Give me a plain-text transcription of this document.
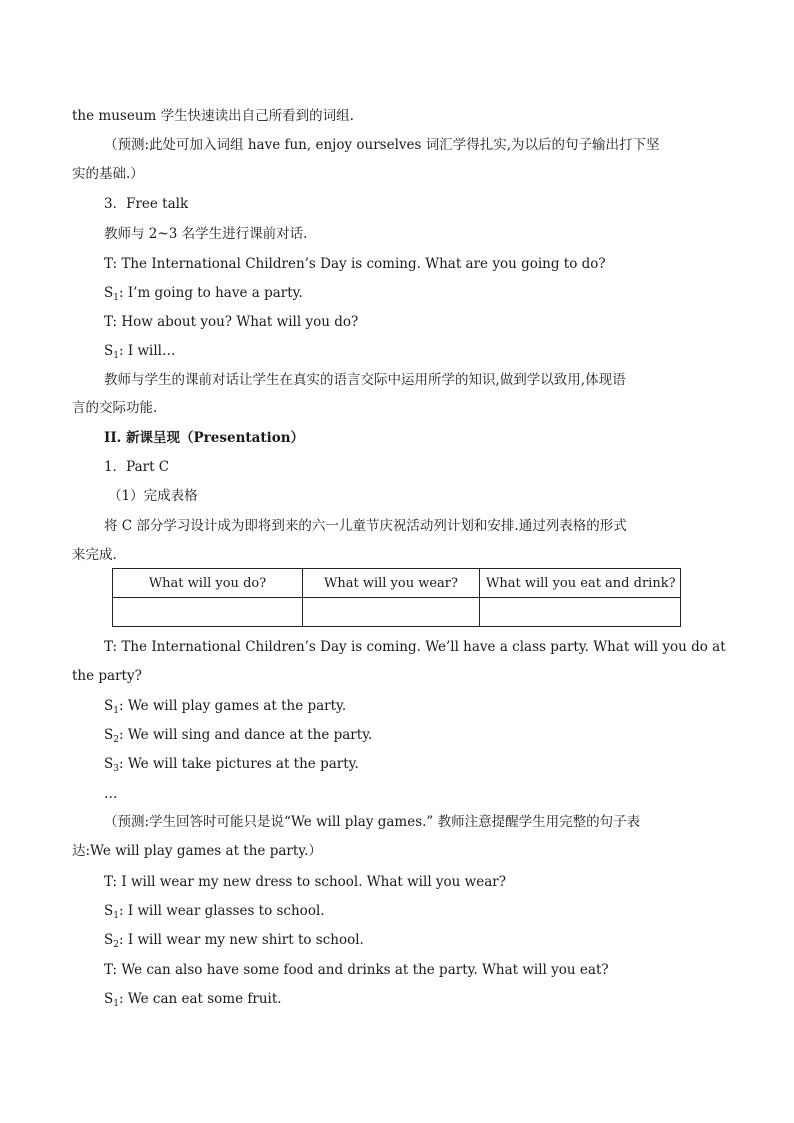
the museum 学生快速读出自己所看到的词组.
（预测:此处可加入词组 have fun, enjoy ourselves 词汇学得扎实,为以后的句子输出打下坚
实的基础.）
3．Free talk
教师与 2~3 名学生进行课前对话.
T: The International Children’s Day is coming. What are you going to do?
$S_1$: I’m going to have a party.
T: How about you? What will you do?
$S_1$: I will…
教师与学生的课前对话让学生在真实的语言交际中运用所学的知识,做到学以致用,体现语
言的交际功能.
II. 新课呈现（Presentation）
1．Part C
（1）完成表格
将 C 部分学习设计成为即将到来的六一儿童节庆祝活动列计划和安排.通过列表格的形式
来完成.
What will you do?	What will you wear?	What will you eat and drink?

T: The International Children’s Day is coming. We’ll have a class party. What will you do at
the party?
$S_1$: We will play games at the party.
$S_2$: We will sing and dance at the party.
$S_3$: We will take pictures at the party.
…
（预测:学生回答时可能只是说“We will play games.” 教师注意提醒学生用完整的句子表
达:We will play games at the party.）
T: I will wear my new dress to school. What will you wear?
$S_1$: I will wear glasses to school.
$S_2$: I will wear my new shirt to school.
T: We can also have some food and drinks at the party. What will you eat?
$S_1$: We can eat some fruit.
